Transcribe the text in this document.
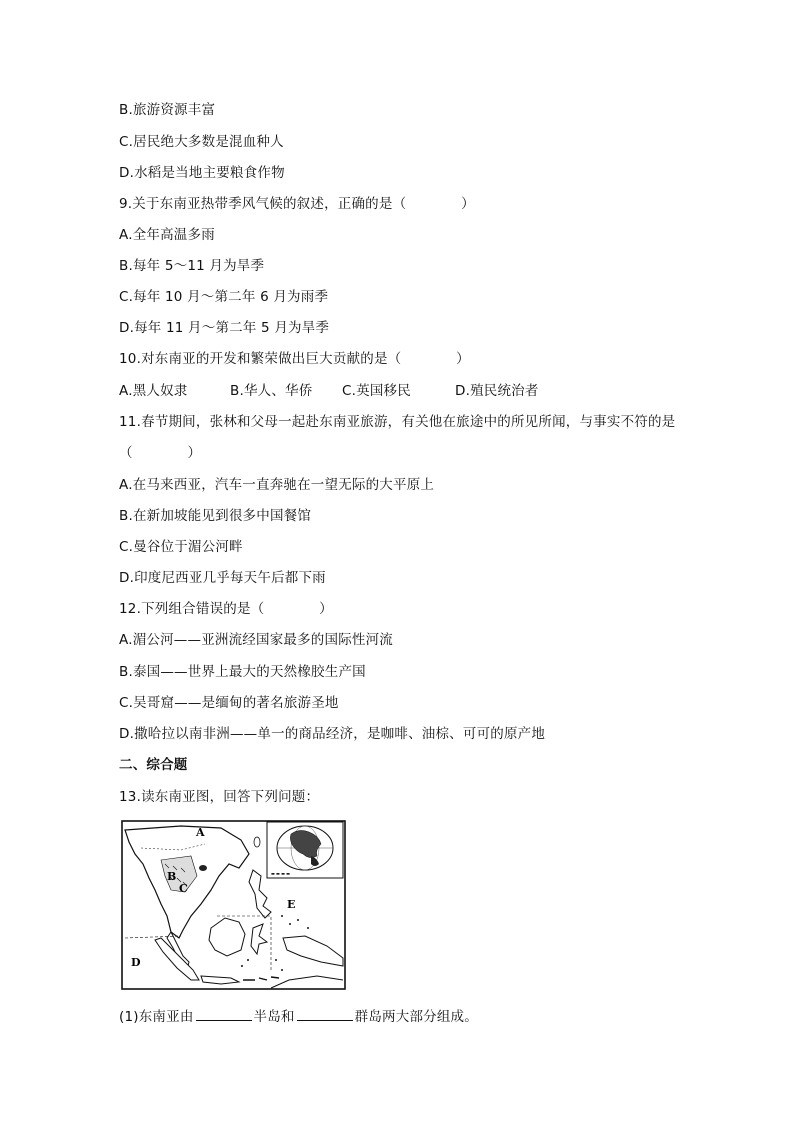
B.旅游资源丰富
C.居民绝大多数是混血种人
D.水稻是当地主要粮食作物
9.关于东南亚热带季风气候的叙述，正确的是（　　　　）
A.全年高温多雨
B.每年 5～11 月为旱季
C.每年 10 月～第二年 6 月为雨季
D.每年 11 月～第二年 5 月为旱季
10.对东南亚的开发和繁荣做出巨大贡献的是（　　　　）
A.黑人奴隶	B.华人、华侨 C.英国移民	D.殖民统治者
11.春节期间，张林和父母一起赴东南亚旅游，有关他在旅途中的所见所闻，与事实不符的是
（　　　　）
A.在马来西亚，汽车一直奔驰在一望无际的大平原上
B.在新加坡能见到很多中国餐馆
C.曼谷位于湄公河畔
D.印度尼西亚几乎每天午后都下雨
12.下列组合错误的是（　　　　）
A.湄公河——亚洲流经国家最多的国际性河流
B.泰国——世界上最大的天然橡胶生产国
C.吴哥窟——是缅甸的著名旅游圣地
D.撒哈拉以南非洲——单一的商品经济，是咖啡、油棕、可可的原产地
二、综合题
13.读东南亚图，回答下列问题：
▬ ▬ ▬ ▬
A
B
C
D
E
(1)东南亚由	半岛和	群岛两大部分组成。
